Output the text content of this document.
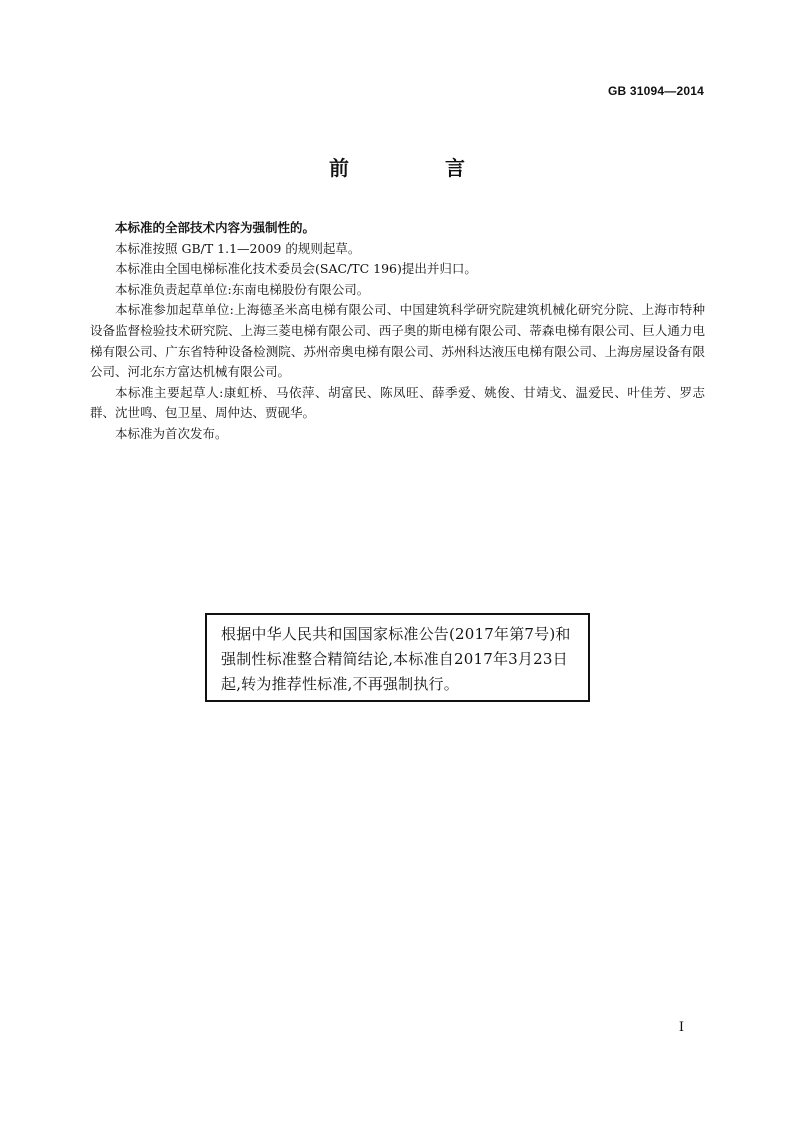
GB 31094—2014
前　言

本标准的全部技术内容为强制性的。

本标准按照 GB/T 1.1—2009 的规则起草。

本标准由全国电梯标准化技术委员会(SAC/TC 196)提出并归口。

本标准负责起草单位:东南电梯股份有限公司。

本标准参加起草单位:上海德圣米高电梯有限公司、中国建筑科学研究院建筑机械化研究分院、上海市特种设备监督检验技术研究院、上海三菱电梯有限公司、西子奥的斯电梯有限公司、蒂森电梯有限公司、巨人通力电梯有限公司、广东省特种设备检测院、苏州帝奥电梯有限公司、苏州科达液压电梯有限公司、上海房屋设备有限公司、河北东方富达机械有限公司。

本标准主要起草人:康虹桥、马依萍、胡富民、陈凤旺、薛季爱、姚俊、甘靖戈、温爱民、叶佳芳、罗志群、沈世鸣、包卫星、周仲达、贾砚华。

本标准为首次发布。

根据中华人民共和国国家标准公告(2017年第7号)和强制性标准整合精简结论,本标准自2017年3月23日起,转为推荐性标准,不再强制执行。
I
